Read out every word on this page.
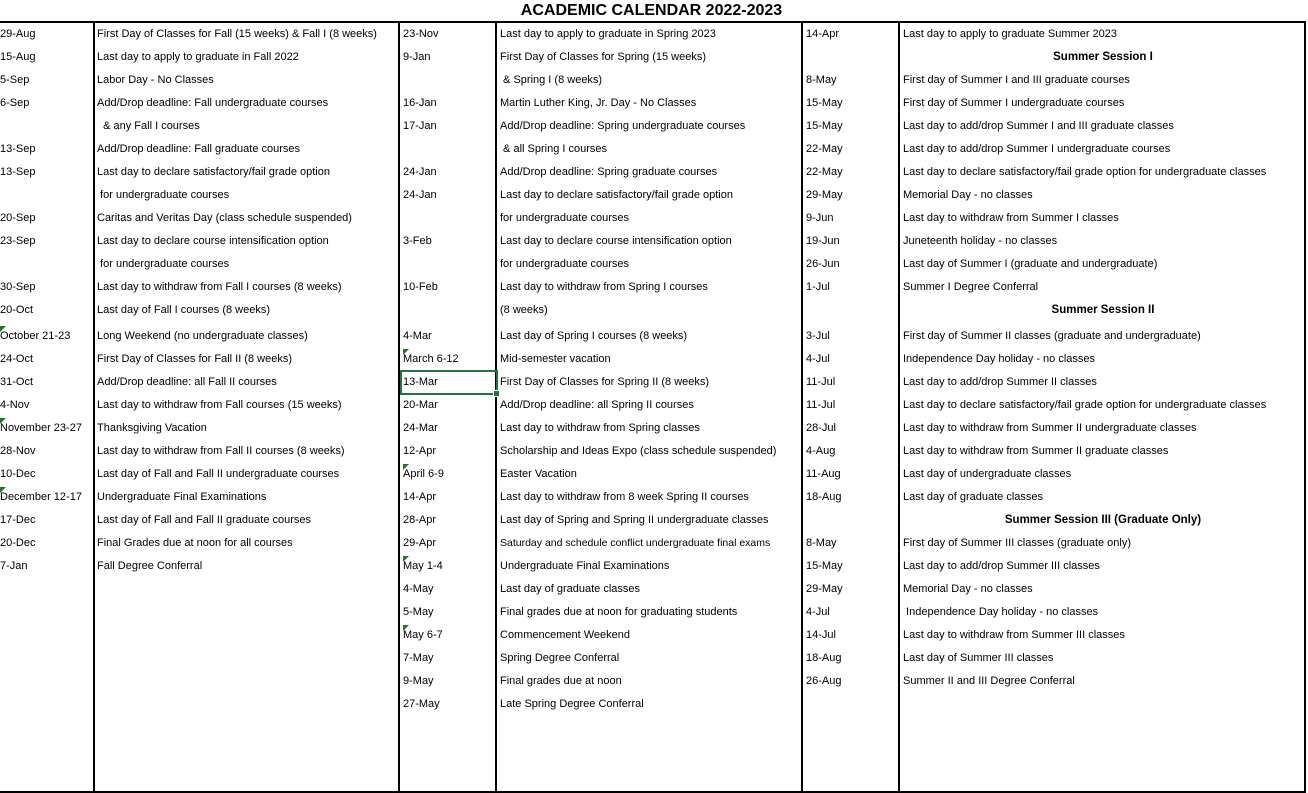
ACADEMIC CALENDAR 2022-2023
29-Aug	First Day of Classes for Fall (15 weeks) & Fall I (8 weeks)
15-Aug	Last day to apply to graduate in Fall 2022
5-Sep	Labor Day - No Classes
6-Sep	Add/Drop deadline: Fall undergraduate courses
& any Fall I courses
13-Sep	Add/Drop deadline: Fall graduate courses
13-Sep	Last day to declare satisfactory/fail grade option
for undergraduate courses
20-Sep	Caritas and Veritas Day (class schedule suspended)
23-Sep	Last day to declare course intensification option
for undergraduate courses
30-Sep	Last day to withdraw from Fall I courses (8 weeks)
20-Oct	Last day of Fall I courses (8 weeks)
October 21-23	Long Weekend (no undergraduate classes)
24-Oct	First Day of Classes for Fall II (8 weeks)
31-Oct	Add/Drop deadline: all Fall II courses
4-Nov	Last day to withdraw from Fall courses (15 weeks)
November 23-27	Thanksgiving Vacation
28-Nov	Last day to withdraw from Fall II courses (8 weeks)
10-Dec	Last day of Fall and Fall II undergraduate courses
December 12-17	Undergraduate Final Examinations
17-Dec	Last day of Fall and Fall II graduate courses
20-Dec	Final Grades due at noon for all courses
7-Jan	Fall Degree Conferral
23-Nov	Last day to apply to graduate in Spring 2023
9-Jan	First Day of Classes for Spring (15 weeks)
& Spring I (8 weeks)
16-Jan	Martin Luther King, Jr. Day - No Classes
17-Jan	Add/Drop deadline: Spring undergraduate courses
& all Spring I courses
24-Jan	Add/Drop deadline: Spring graduate courses
24-Jan	Last day to declare satisfactory/fail grade option
for undergraduate courses
3-Feb	Last day to declare course intensification option
for undergraduate courses
10-Feb	Last day to withdraw from Spring I courses
(8 weeks)
4-Mar	Last day of Spring I courses (8 weeks)
March 6-12	Mid-semester vacation
13-Mar	First Day of Classes for Spring II (8 weeks)
20-Mar	Add/Drop deadline: all Spring II courses
24-Mar	Last day to withdraw from Spring classes
12-Apr	Scholarship and Ideas Expo (class schedule suspended)
April 6-9	Easter Vacation
14-Apr	Last day to withdraw from 8 week Spring II courses
28-Apr	Last day of Spring and Spring II undergraduate classes
29-Apr	Saturday and schedule conflict undergraduate final exams
May 1-4	Undergraduate Final Examinations
4-May	Last day of graduate classes
5-May	Final grades due at noon for graduating students
May 6-7	Commencement Weekend
7-May	Spring Degree Conferral
9-May	Final grades due at noon
27-May	Late Spring Degree Conferral
14-Apr	Last day to apply to graduate Summer 2023
Summer Session I
8-May	First day of Summer I and III graduate courses
15-May	First day of Summer I undergraduate courses
15-May	Last day to add/drop Summer I and III graduate classes
22-May	Last day to add/drop Summer I undergraduate courses
22-May	Last day to declare satisfactory/fail grade option for undergraduate classes
29-May	Memorial Day - no classes
9-Jun	Last day to withdraw from Summer I classes
19-Jun	Juneteenth holiday - no classes
26-Jun	Last day of Summer I (graduate and undergraduate)
1-Jul	Summer I Degree Conferral
Summer Session II
3-Jul	First day of Summer II classes (graduate and undergraduate)
4-Jul	Independence Day holiday - no classes
11-Jul	Last day to add/drop Summer II classes
11-Jul	Last day to declare satisfactory/fail grade option for undergraduate classes
28-Jul	Last day to withdraw from Summer II undergraduate classes
4-Aug	Last day to withdraw from Summer II graduate classes
11-Aug	Last day of undergraduate classes
18-Aug	Last day of graduate classes
Summer Session III (Graduate Only)
8-May	First day of Summer III classes (graduate only)
15-May	Last day to add/drop Summer III classes
29-May	Memorial Day - no classes
4-Jul	Independence Day holiday - no classes
14-Jul	Last day to withdraw from Summer III classes
18-Aug	Last day of Summer III classes
26-Aug	Summer II and III Degree Conferral
